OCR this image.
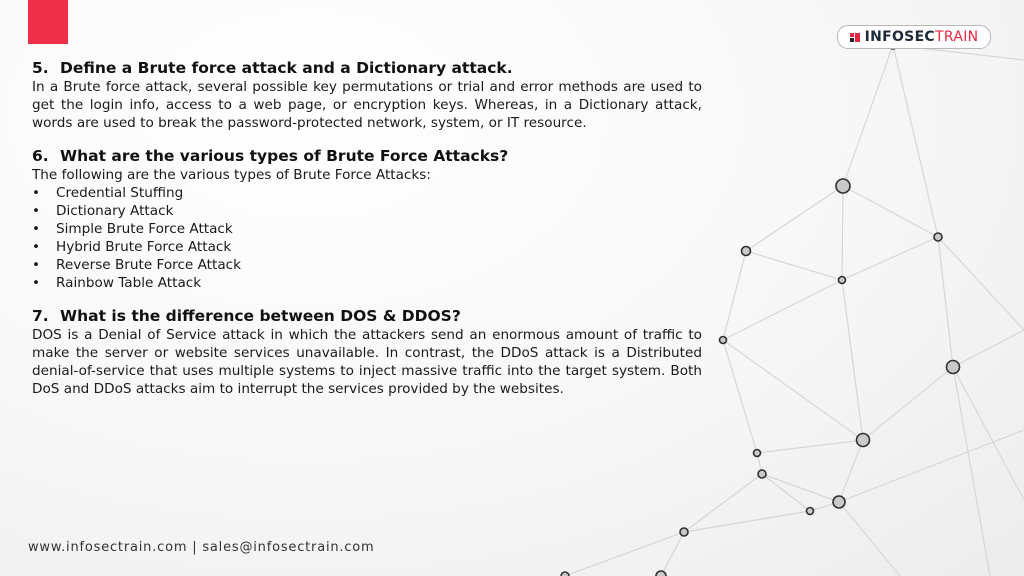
INFOSEC TRAIN

5. Define a Brute force attack and a Dictionary attack.

In a Brute force attack, several possible key permutations or trial and error methods are used to get the login info, access to a web page, or encryption keys. Whereas, in a Dictionary attack, words are used to break the password-protected network, system, or IT resource.

6. What are the various types of Brute Force Attacks?

The following are the various types of Brute Force Attacks:

• Credential Stuffing
• Dictionary Attack
• Simple Brute Force Attack
• Hybrid Brute Force Attack
• Reverse Brute Force Attack
• Rainbow Table Attack

7. What is the difference between DOS & DDOS?

DOS is a Denial of Service attack in which the attackers send an enormous amount of traffic to make the server or website services unavailable. In contrast, the DDoS attack is a Distributed denial-of-service that uses multiple systems to inject massive traffic into the target system. Both DoS and DDoS attacks aim to interrupt the services provided by the websites.

www.infosectrain.com | sales@infosectrain.com
